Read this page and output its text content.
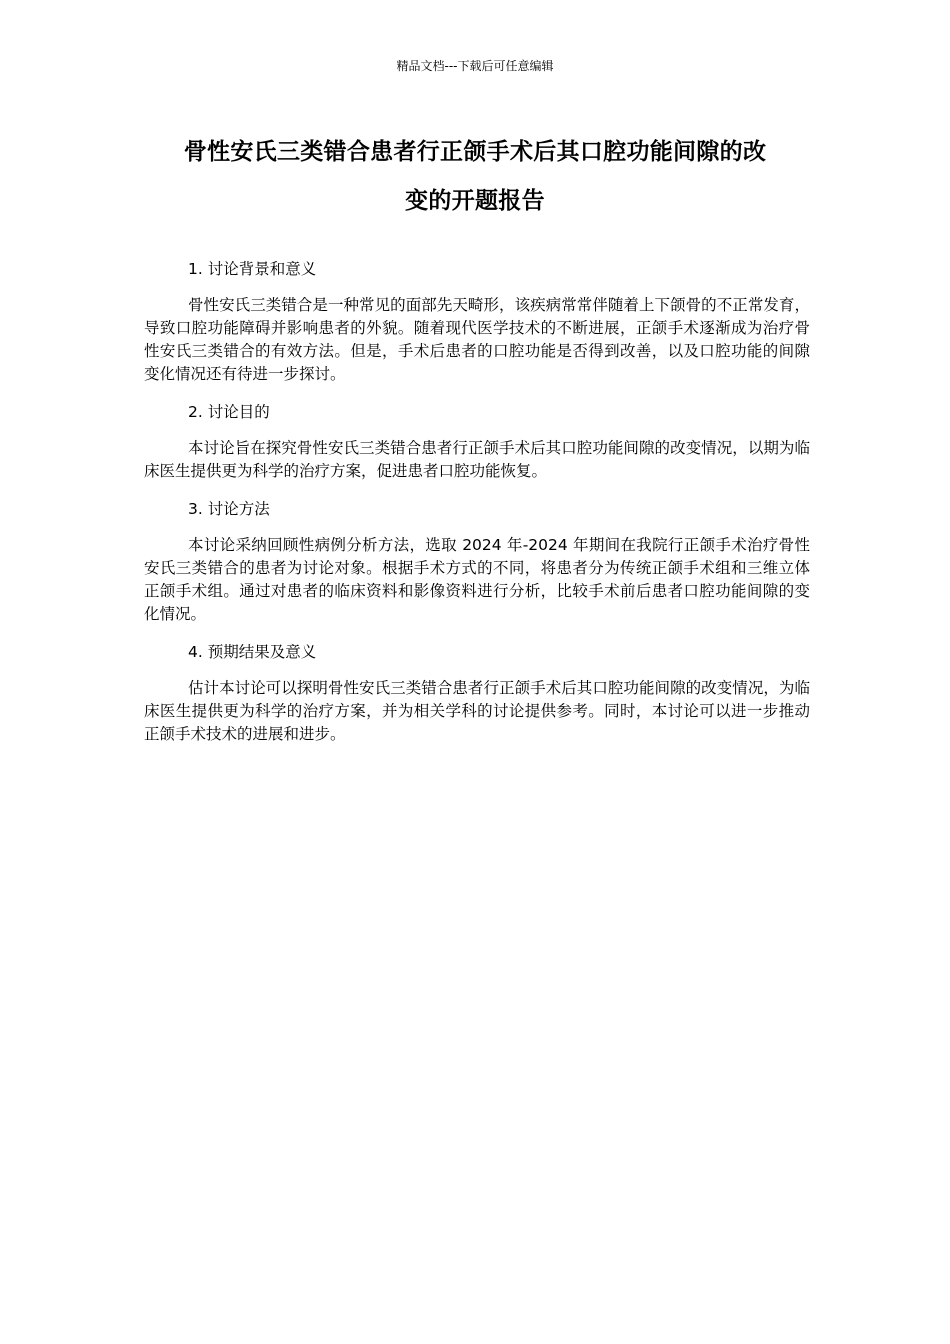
精品文档---下载后可任意编辑
骨性安氏三类错合患者行正颌手术后其口腔功能间隙的改
变的开题报告
1. 讨论背景和意义
骨性安氏三类错合是一种常见的面部先天畸形，该疾病常常伴随着上下颌骨的不正常发育，导致口腔功能障碍并影响患者的外貌。随着现代医学技术的不断进展，正颌手术逐渐成为治疗骨性安氏三类错合的有效方法。但是，手术后患者的口腔功能是否得到改善，以及口腔功能的间隙变化情况还有待进一步探讨。
2. 讨论目的
本讨论旨在探究骨性安氏三类错合患者行正颌手术后其口腔功能间隙的改变情况，以期为临床医生提供更为科学的治疗方案，促进患者口腔功能恢复。
3. 讨论方法
本讨论采纳回顾性病例分析方法，选取 2024 年-2024 年期间在我院行正颌手术治疗骨性安氏三类错合的患者为讨论对象。根据手术方式的不同，将患者分为传统正颌手术组和三维立体正颌手术组。通过对患者的临床资料和影像资料进行分析，比较手术前后患者口腔功能间隙的变化情况。
4. 预期结果及意义
估计本讨论可以探明骨性安氏三类错合患者行正颌手术后其口腔功能间隙的改变情况，为临床医生提供更为科学的治疗方案，并为相关学科的讨论提供参考。同时，本讨论可以进一步推动正颌手术技术的进展和进步。
